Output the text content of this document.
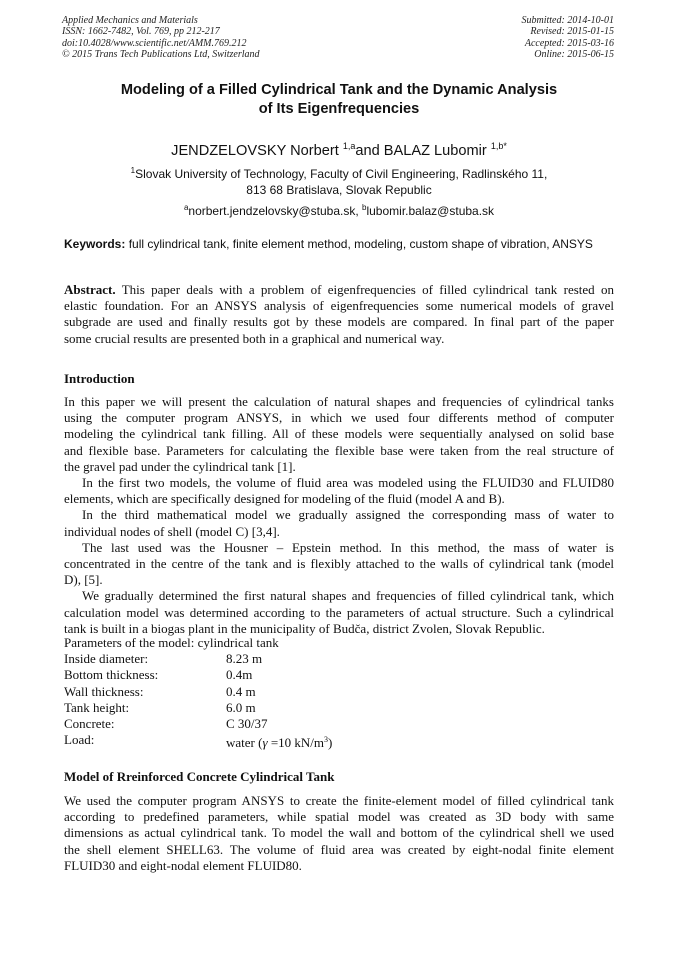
Applied Mechanics and Materials
ISSN: 1662-7482, Vol. 769, pp 212-217
doi:10.4028/www.scientific.net/AMM.769.212
© 2015 Trans Tech Publications Ltd, Switzerland
Submitted: 2014-10-01
Revised: 2015-01-15
Accepted: 2015-03-16
Online: 2015-06-15
Modeling of a Filled Cylindrical Tank and the Dynamic Analysis
of Its Eigenfrequencies
JENDZELOVSKY Norbert $^{1,a}$and BALAZ Lubomir $^{1,b*}$
$^1$Slovak University of Technology, Faculty of Civil Engineering, Radlinského 11,
813 68 Bratislava, Slovak Republic
$^a$norbert.jendzelovsky@stuba.sk, $^b$lubomir.balaz@stuba.sk
Keywords: full cylindrical tank, finite element method, modeling, custom shape of vibration, ANSYS
Abstract. This paper deals with a problem of eigenfrequencies of filled cylindrical tank rested on
elastic foundation. For an ANSYS analysis of eigenfrequencies some numerical models of gravel
subgrade are used and finally results got by these models are compared. In final part of the paper
some crucial results are presented both in a graphical and numerical way.
Introduction
In this paper we will present the calculation of natural shapes and frequencies of cylindrical tanks
using the computer program ANSYS, in which we used four differents method of computer
modeling the cylindrical tank filling. All of these models were sequentially analysed on solid base
and flexible base. Parameters for calculating the flexible base were taken from the real structure of
the gravel pad under the cylindrical tank [1].
In the first two models, the volume of fluid area was modeled using the FLUID30 and FLUID80
elements, which are specifically designed for modeling of the fluid (model A and B).
In the third mathematical model we gradually assigned the corresponding mass of water to
individual nodes of shell (model C) [3,4].
The last used was the Housner – Epstein method. In this method, the mass of water is
concentrated in the centre of the tank and is flexibly attached to the walls of cylindrical tank (model
D), [5].
We gradually determined the first natural shapes and frequencies of filled cylindrical tank, which
calculation model was determined according to the parameters of actual structure. Such a cylindrical
tank is built in a biogas plant in the municipality of Budča, district Zvolen, Slovak Republic.
Parameters of the model: cylindrical tank
Inside diameter:	8.23 m
Bottom thickness:	0.4m
Wall thickness:	0.4 m
Tank height:	6.0 m
Concrete:	C 30/37
Load:	water (γ =10 $kN/m^3$)
Model of Rreinforced Concrete Cylindrical Tank
We used the computer program ANSYS to create the finite-element model of filled cylindrical tank
according to predefined parameters, while spatial model was created as 3D body with same
dimensions as actual cylindrical tank. To model the wall and bottom of the cylindrical shell we used
the shell element SHELL63. The volume of fluid area was created by eight-nodal finite element
FLUID30 and eight-nodal element FLUID80.
